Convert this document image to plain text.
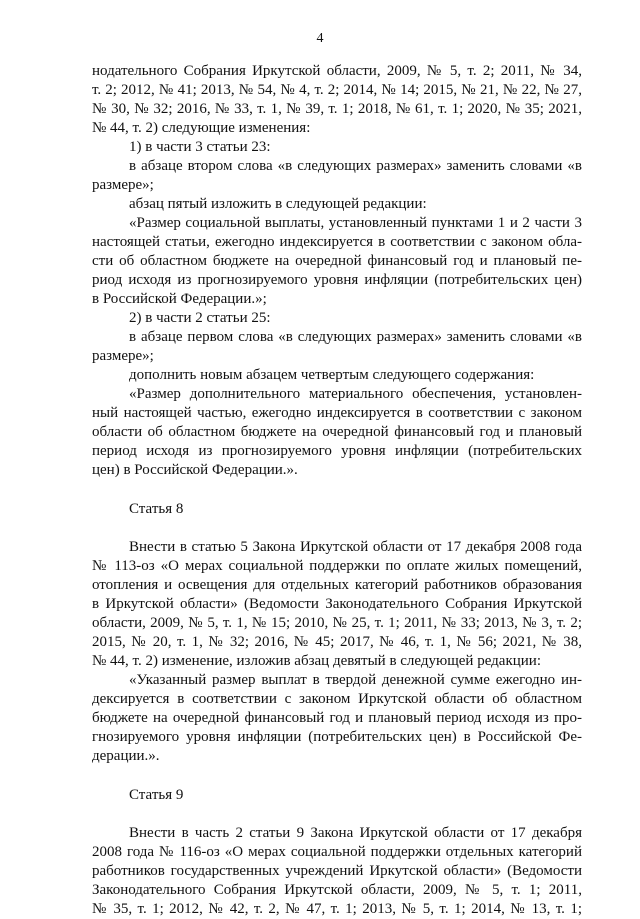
4
нодательного Собрания Иркутской области, 2009, № 5, т. 2; 2011, № 34,
т. 2; 2012, № 41; 2013, № 54, № 4, т. 2; 2014, № 14; 2015, № 21, № 22, № 27,
№ 30, № 32; 2016, № 33, т. 1, № 39, т. 1; 2018, № 61, т. 1; 2020, № 35; 2021,
№ 44, т. 2) следующие изменения:
1) в части 3 статьи 23:
в абзаце втором слова «в следующих размерах» заменить словами «в
размере»;
абзац пятый изложить в следующей редакции:
«Размер социальной выплаты, установленный пунктами 1 и 2 части 3
настоящей статьи, ежегодно индексируется в соответствии с законом обла-
сти об областном бюджете на очередной финансовый год и плановый пе-
риод исходя из прогнозируемого уровня инфляции (потребительских цен)
в Российской Федерации.»;
2) в части 2 статьи 25:
в абзаце первом слова «в следующих размерах» заменить словами «в
размере»;
дополнить новым абзацем четвертым следующего содержания:
«Размер дополнительного материального обеспечения, установлен-
ный настоящей частью, ежегодно индексируется в соответствии с законом
области об областном бюджете на очередной финансовый год и плановый
период исходя из прогнозируемого уровня инфляции (потребительских
цен) в Российской Федерации.».
Статья 8
Внести в статью 5 Закона Иркутской области от 17 декабря 2008 года
№ 113-оз «О мерах социальной поддержки по оплате жилых помещений,
отопления и освещения для отдельных категорий работников образования
в Иркутской области» (Ведомости Законодательного Собрания Иркутской
области, 2009, № 5, т. 1, № 15; 2010, № 25, т. 1; 2011, № 33; 2013, № 3, т. 2;
2015, № 20, т. 1, № 32; 2016, № 45; 2017, № 46, т. 1, № 56; 2021, № 38,
№ 44, т. 2) изменение, изложив абзац девятый в следующей редакции:
«Указанный размер выплат в твердой денежной сумме ежегодно ин-
дексируется в соответствии с законом Иркутской области об областном
бюджете на очередной финансовый год и плановый период исходя из про-
гнозируемого уровня инфляции (потребительских цен) в Российской Фе-
дерации.».
Статья 9
Внести в часть 2 статьи 9 Закона Иркутской области от 17 декабря
2008 года № 116-оз «О мерах социальной поддержки отдельных категорий
работников государственных учреждений Иркутской области» (Ведомости
Законодательного Собрания Иркутской области, 2009, № 5, т. 1; 2011,
№ 35, т. 1; 2012, № 42, т. 2, № 47, т. 1; 2013, № 5, т. 1; 2014, № 13, т. 1;
